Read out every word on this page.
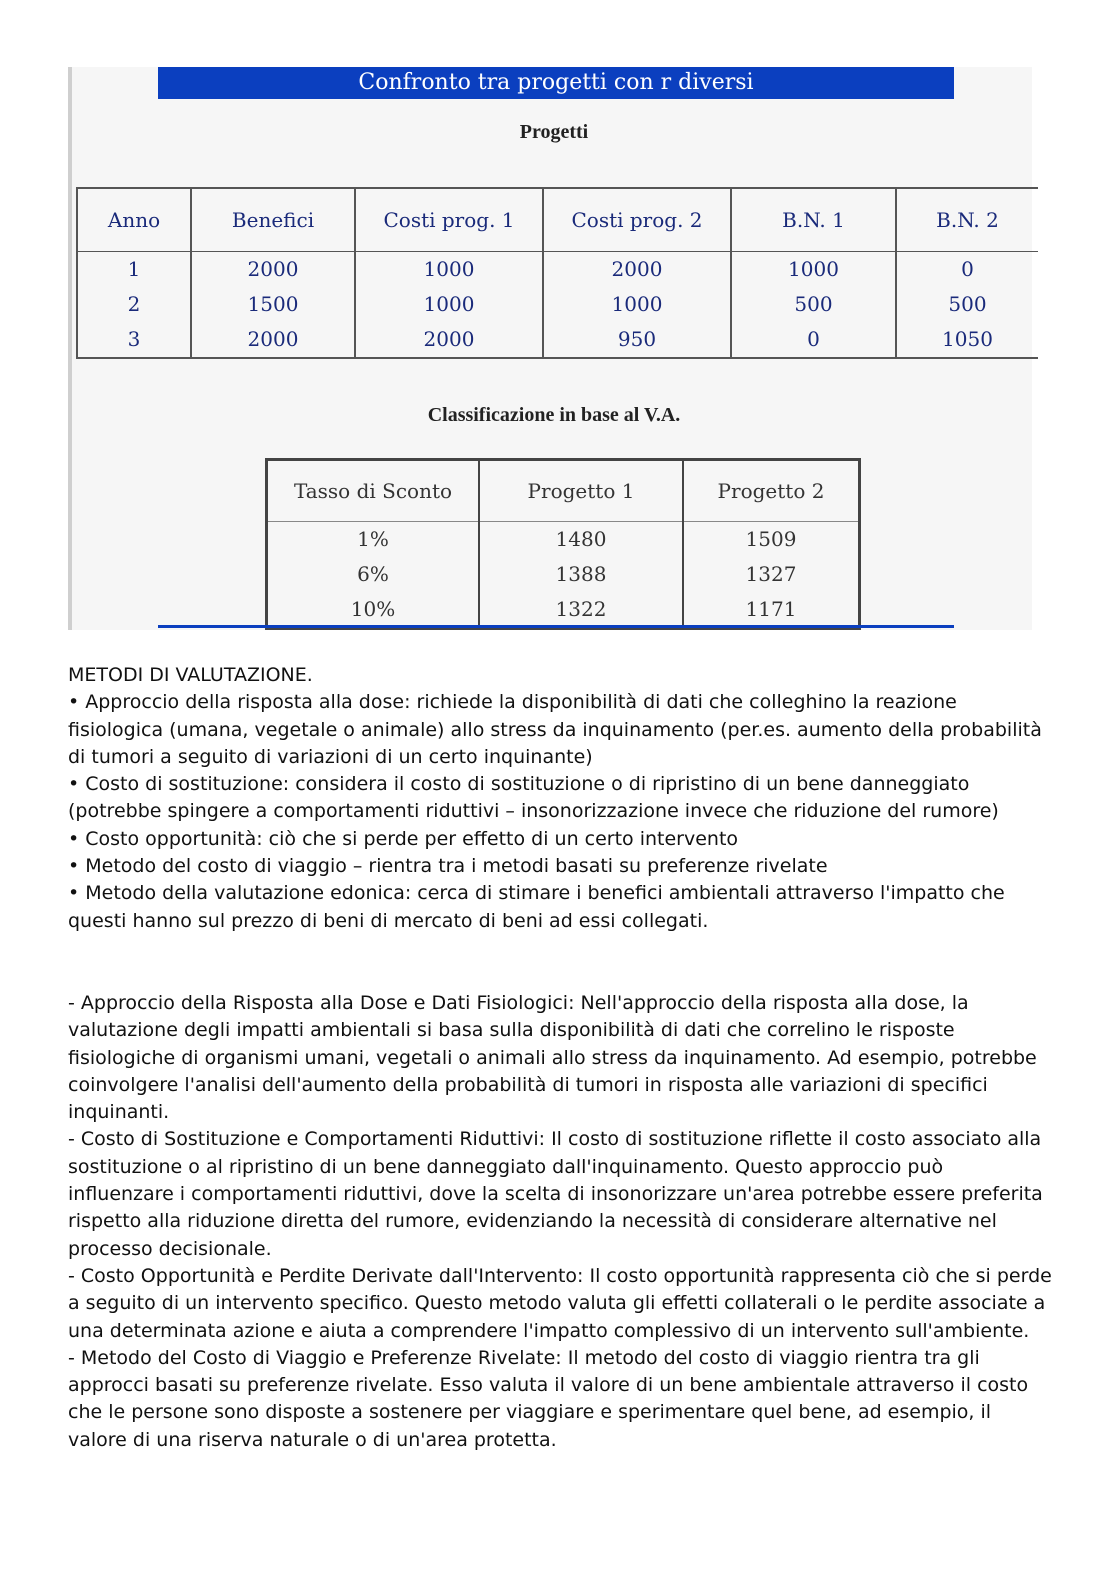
Confronto tra progetti con r diversi
Progetti
Anno	Benefici	Costi prog. 1	Costi prog. 2	B.N. 1	B.N. 2
1	2000	1000	2000	1000	0
2	1500	1000	1000	500	500
3	2000	2000	950	0	1050
Classificazione in base al V.A.
Tasso di Sconto	Progetto 1	Progetto 2
1%	1480	1509
6%	1388	1327
10%	1322	1171

METODI DI VALUTAZIONE.

• Approccio della risposta alla dose: richiede la disponibilità di dati che colleghino la reazione fisiologica (umana, vegetale o animale) allo stress da inquinamento (per.es. aumento della probabilità di tumori a seguito di variazioni di un certo inquinante)

• Costo di sostituzione: considera il costo di sostituzione o di ripristino di un bene danneggiato (potrebbe spingere a comportamenti riduttivi – insonorizzazione invece che riduzione del rumore)

• Costo opportunità: ciò che si perde per effetto di un certo intervento

• Metodo del costo di viaggio – rientra tra i metodi basati su preferenze rivelate

• Metodo della valutazione edonica: cerca di stimare i benefici ambientali attraverso l'impatto che questi hanno sul prezzo di beni di mercato di beni ad essi collegati.

- Approccio della Risposta alla Dose e Dati Fisiologici: Nell'approccio della risposta alla dose, la valutazione degli impatti ambientali si basa sulla disponibilità di dati che correlino le risposte fisiologiche di organismi umani, vegetali o animali allo stress da inquinamento. Ad esempio, potrebbe coinvolgere l'analisi dell'aumento della probabilità di tumori in risposta alle variazioni di specifici inquinanti.

- Costo di Sostituzione e Comportamenti Riduttivi: Il costo di sostituzione riflette il costo associato alla sostituzione o al ripristino di un bene danneggiato dall'inquinamento. Questo approccio può influenzare i comportamenti riduttivi, dove la scelta di insonorizzare un'area potrebbe essere preferita rispetto alla riduzione diretta del rumore, evidenziando la necessità di considerare alternative nel processo decisionale.

- Costo Opportunità e Perdite Derivate dall'Intervento: Il costo opportunità rappresenta ciò che si perde a seguito di un intervento specifico. Questo metodo valuta gli effetti collaterali o le perdite associate a una determinata azione e aiuta a comprendere l'impatto complessivo di un intervento sull'ambiente.

- Metodo del Costo di Viaggio e Preferenze Rivelate: Il metodo del costo di viaggio rientra tra gli approcci basati su preferenze rivelate. Esso valuta il valore di un bene ambientale attraverso il costo che le persone sono disposte a sostenere per viaggiare e sperimentare quel bene, ad esempio, il valore di una riserva naturale o di un'area protetta.
